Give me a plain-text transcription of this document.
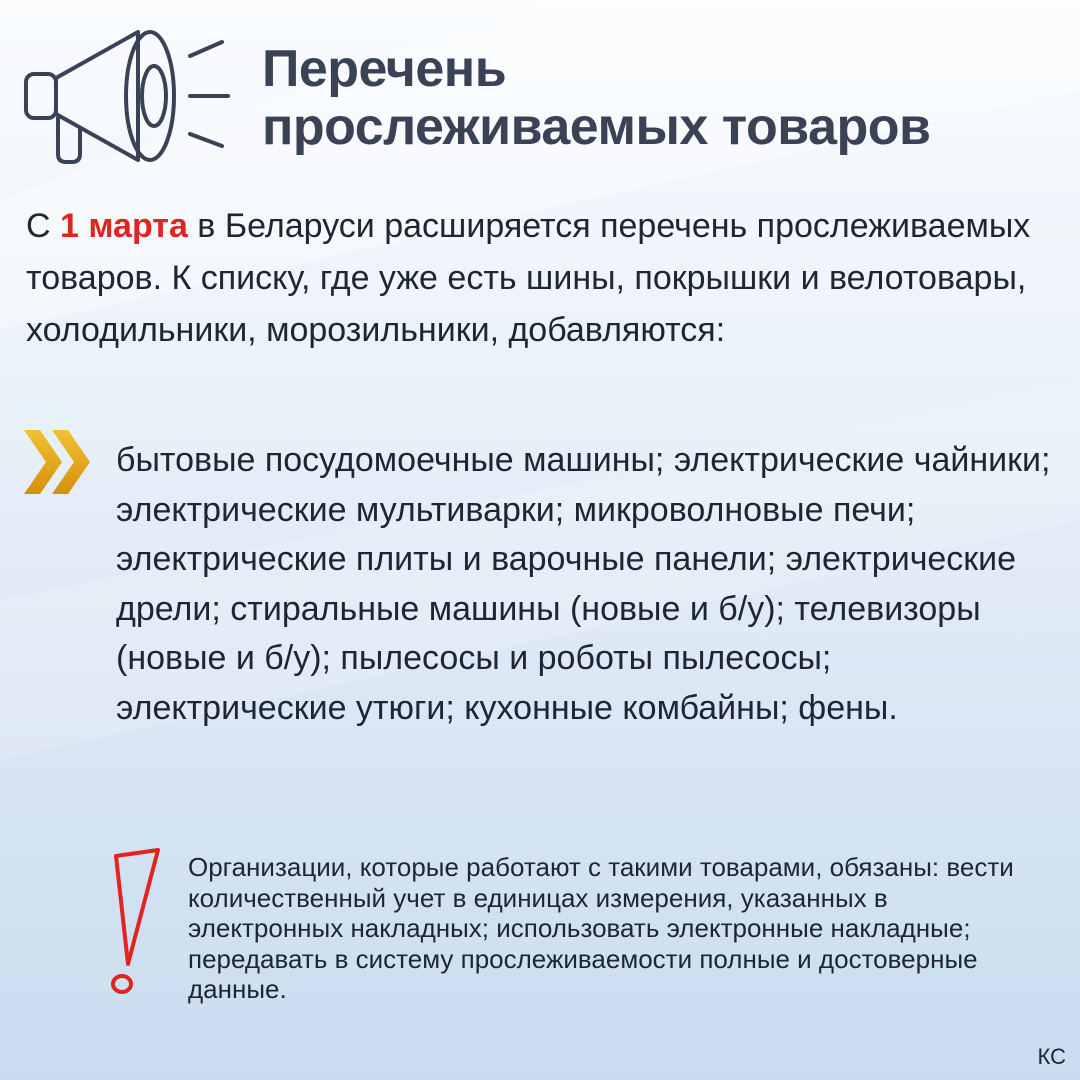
Перечень
прослеживаемых товаров
С 1 марта в Беларуси расширяется перечень прослеживаемых товаров. К списку, где уже есть шины, покрышки и велотовары, холодильники, морозильники, добавляются:
бытовые посудомоечные машины; электрические чайники; электрические мультиварки; микроволновые печи; электрические плиты и варочные панели; электрические дрели; стиральные машины (новые и б/у); телевизоры (новые и б/у); пылесосы и роботы пылесосы; электрические утюги; кухонные комбайны; фены.
Организации, которые работают с такими товарами, обязаны: вести количественный учет в единицах измерения, указанных в электронных накладных; использовать электронные накладные; передавать в систему прослеживаемости полные и достоверные данные.
КС
